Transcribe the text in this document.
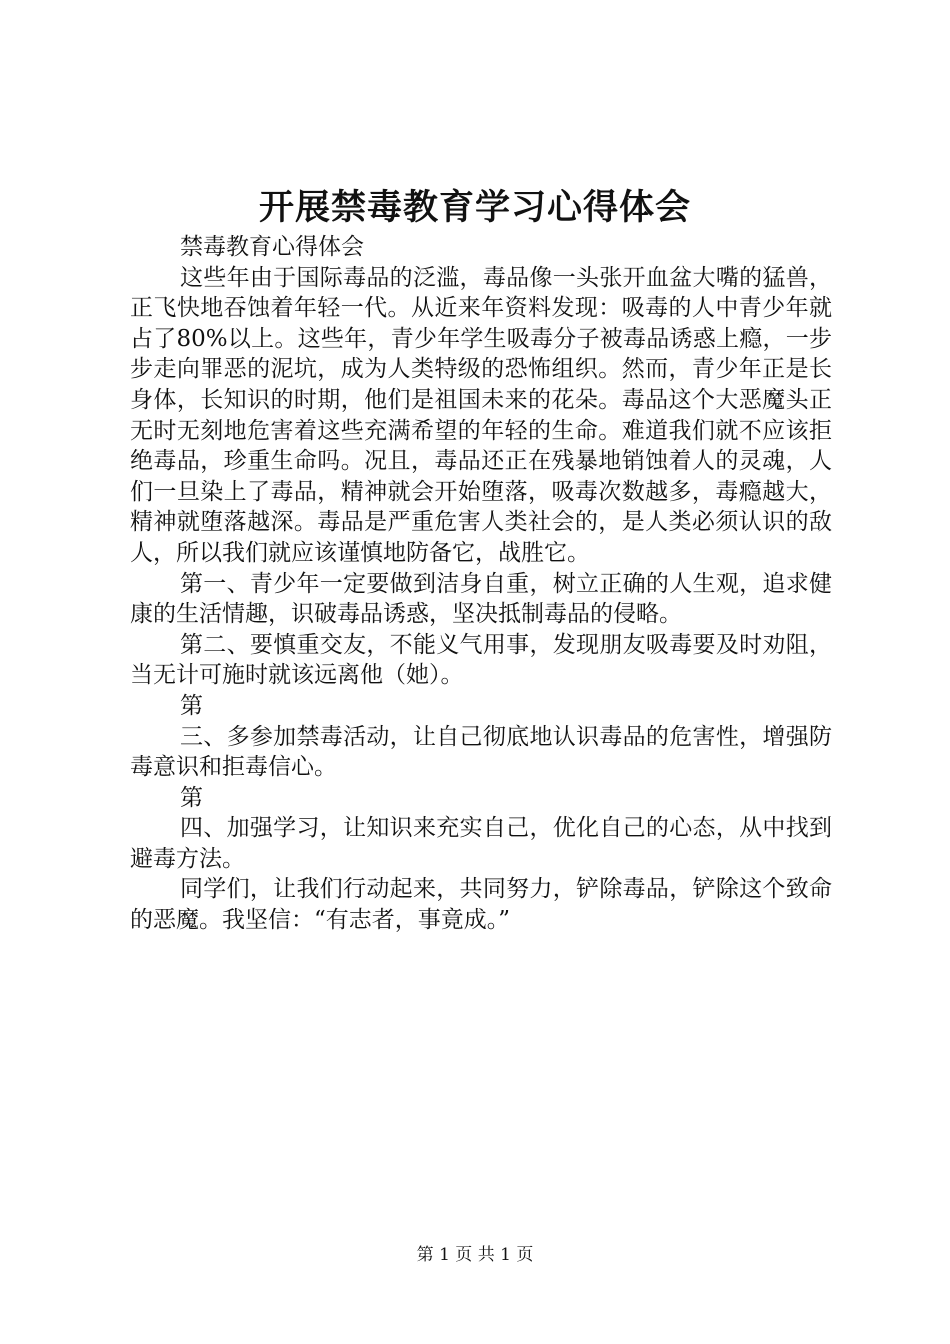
开展禁毒教育学习心得体会

禁毒教育心得体会

这些年由于国际毒品的泛滥，毒品像一头张开血盆大嘴的猛兽，正飞快地吞蚀着年轻一代。从近来年资料发现：吸毒的人中青少年就占了80%以上。这些年，青少年学生吸毒分子被毒品诱惑上瘾，一步步走向罪恶的泥坑，成为人类特级的恐怖组织。然而，青少年正是长身体，长知识的时期，他们是祖国未来的花朵。毒品这个大恶魔头正无时无刻地危害着这些充满希望的年轻的生命。难道我们就不应该拒绝毒品，珍重生命吗。况且，毒品还正在残暴地销蚀着人的灵魂，人们一旦染上了毒品，精神就会开始堕落，吸毒次数越多，毒瘾越大，精神就堕落越深。毒品是严重危害人类社会的，是人类必须认识的敌人，所以我们就应该谨慎地防备它，战胜它。

第一、青少年一定要做到洁身自重，树立正确的人生观，追求健康的生活情趣，识破毒品诱惑，坚决抵制毒品的侵略。

第二、要慎重交友，不能义气用事，发现朋友吸毒要及时劝阻，当无计可施时就该远离他（她）。

第

三、多参加禁毒活动，让自己彻底地认识毒品的危害性，增强防毒意识和拒毒信心。

第

四、加强学习，让知识来充实自己，优化自己的心态，从中找到避毒方法。

同学们，让我们行动起来，共同努力，铲除毒品，铲除这个致命的恶魔。我坚信：“有志者，事竟成。”

第 1 页 共 1 页
